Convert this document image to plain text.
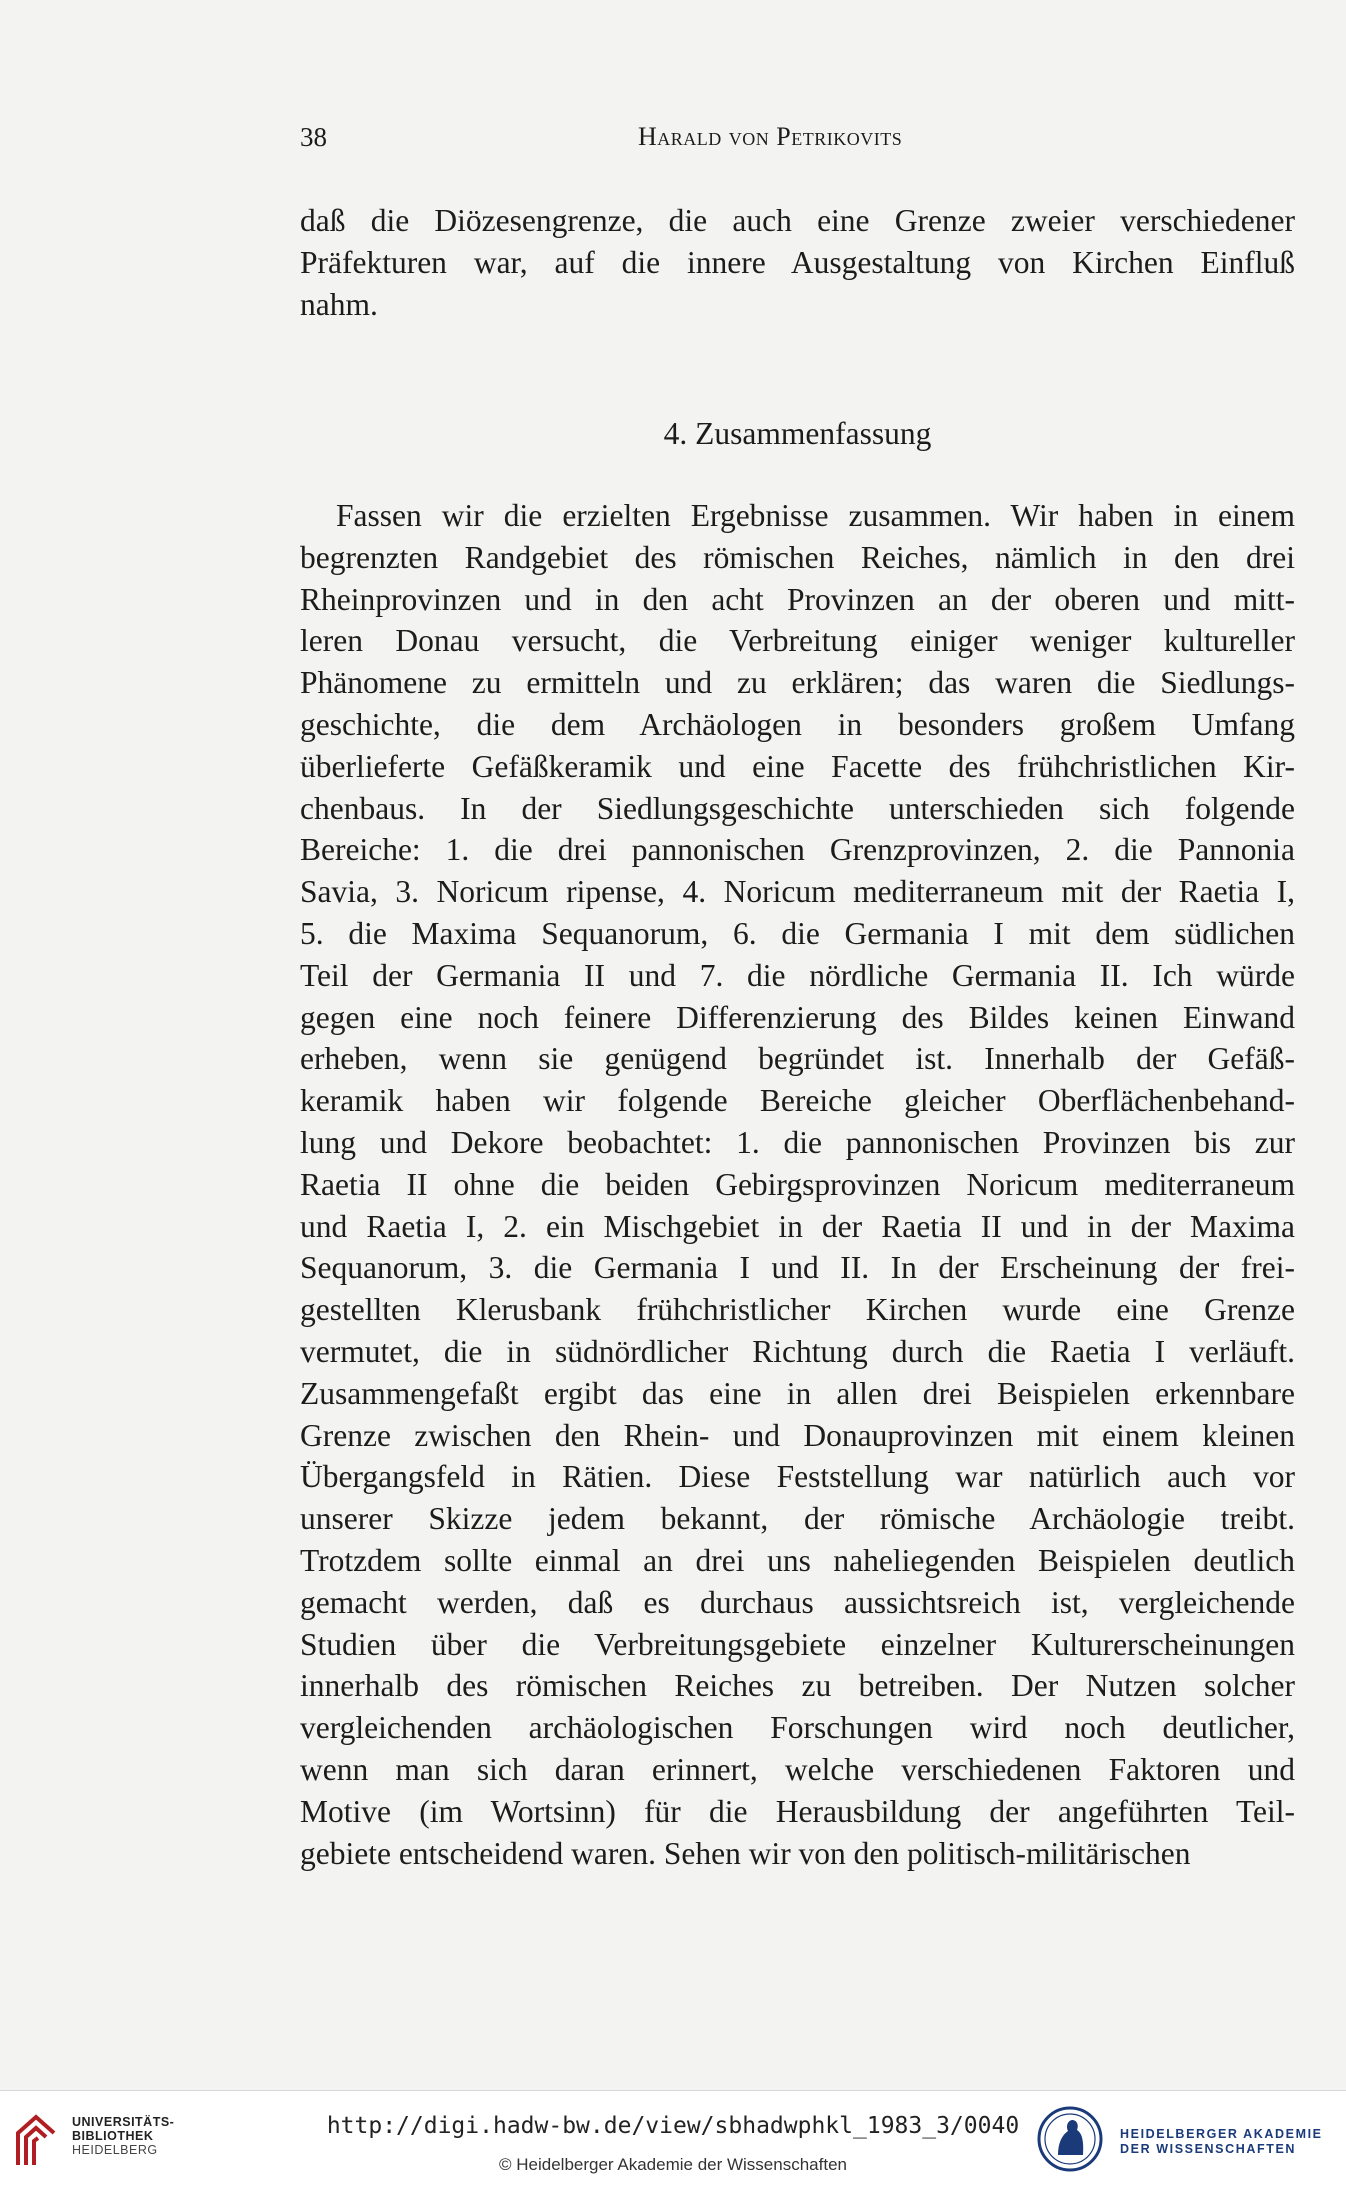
38	Harald von Petrikovits
daß die Diözesengrenze, die auch eine Grenze zweier verschiedener
Präfekturen war, auf die innere Ausgestaltung von Kirchen Einfluß
nahm.
4. Zusammenfassung
Fassen wir die erzielten Ergebnisse zusammen. Wir haben in einem
begrenzten Randgebiet des römischen Reiches, nämlich in den drei
Rheinprovinzen und in den acht Provinzen an der oberen und mitt-
leren Donau versucht, die Verbreitung einiger weniger kultureller
Phänomene zu ermitteln und zu erklären; das waren die Siedlungs-
geschichte, die dem Archäologen in besonders großem Umfang
überlieferte Gefäßkeramik und eine Facette des frühchristlichen Kir-
chenbaus. In der Siedlungsgeschichte unterschieden sich folgende
Bereiche: 1. die drei pannonischen Grenzprovinzen, 2. die Pannonia
Savia, 3. Noricum ripense, 4. Noricum mediterraneum mit der Raetia I,
5. die Maxima Sequanorum, 6. die Germania I mit dem südlichen
Teil der Germania II und 7. die nördliche Germania II. Ich würde
gegen eine noch feinere Differenzierung des Bildes keinen Einwand
erheben, wenn sie genügend begründet ist. Innerhalb der Gefäß-
keramik haben wir folgende Bereiche gleicher Oberflächenbehand-
lung und Dekore beobachtet: 1. die pannonischen Provinzen bis zur
Raetia II ohne die beiden Gebirgsprovinzen Noricum mediterraneum
und Raetia I, 2. ein Mischgebiet in der Raetia II und in der Maxima
Sequanorum, 3. die Germania I und II. In der Erscheinung der frei-
gestellten Klerusbank frühchristlicher Kirchen wurde eine Grenze
vermutet, die in südnördlicher Richtung durch die Raetia I verläuft.
Zusammengefaßt ergibt das eine in allen drei Beispielen erkennbare
Grenze zwischen den Rhein- und Donauprovinzen mit einem kleinen
Übergangsfeld in Rätien. Diese Feststellung war natürlich auch vor
unserer Skizze jedem bekannt, der römische Archäologie treibt.
Trotzdem sollte einmal an drei uns naheliegenden Beispielen deutlich
gemacht werden, daß es durchaus aussichtsreich ist, vergleichende
Studien über die Verbreitungsgebiete einzelner Kulturerscheinungen
innerhalb des römischen Reiches zu betreiben. Der Nutzen solcher
vergleichenden archäologischen Forschungen wird noch deutlicher,
wenn man sich daran erinnert, welche verschiedenen Faktoren und
Motive (im Wortsinn) für die Herausbildung der angeführten Teil-
gebiete entscheidend waren. Sehen wir von den politisch-militärischen
UNIVERSITÄTS-
BIBLIOTHEK
HEIDELBERG
http://digi.hadw-bw.de/view/sbhadwphkl_1983_3/0040
© Heidelberger Akademie der Wissenschaften
HEIDELBERGER AKADEMIE
DER WISSENSCHAFTEN
